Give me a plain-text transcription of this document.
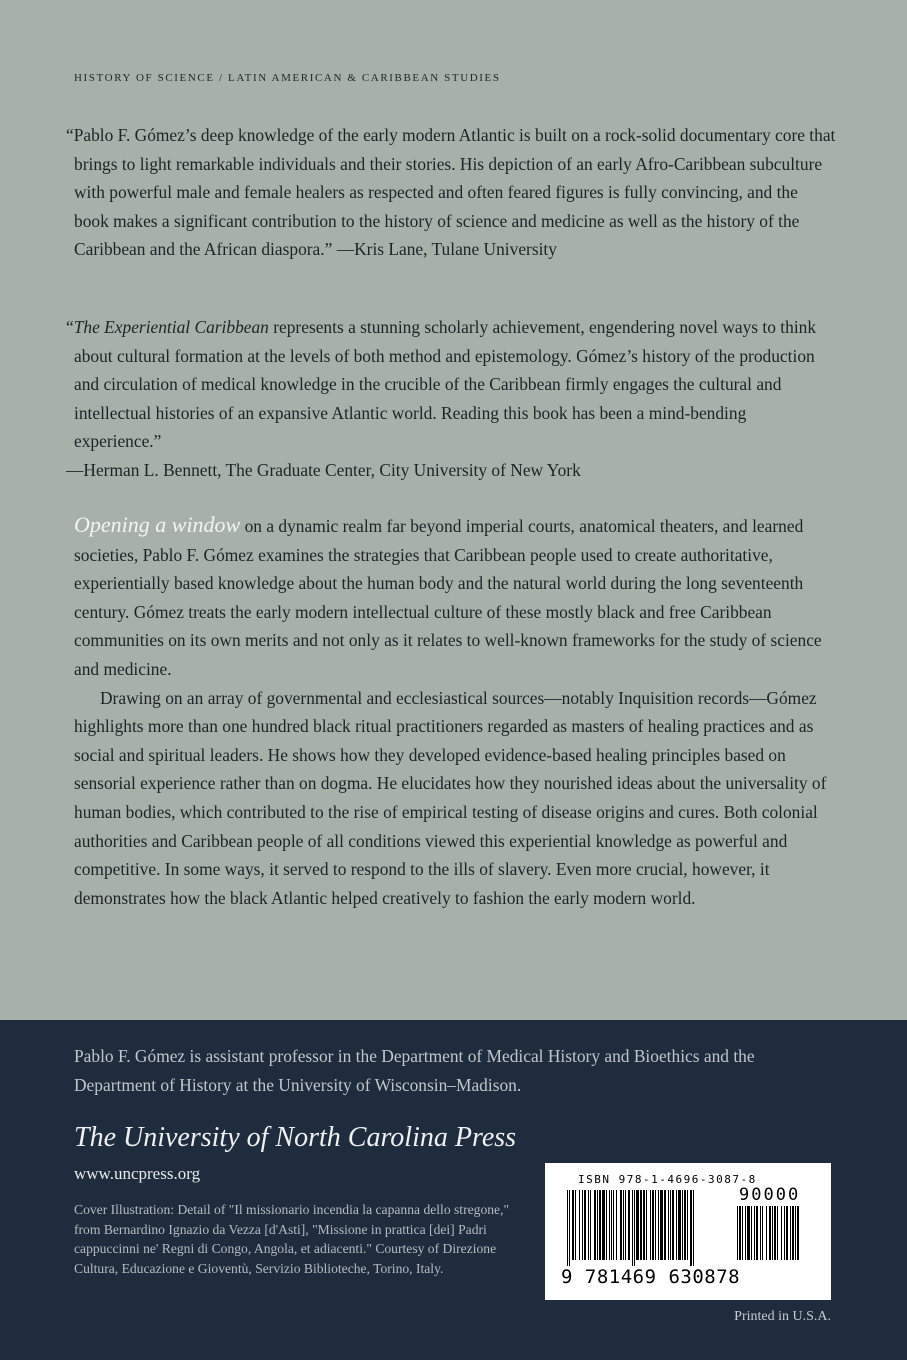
HISTORY OF SCIENCE / LATIN AMERICAN & CARIBBEAN STUDIES

“Pablo F. Gómez’s deep knowledge of the early modern Atlantic is built on a rock-solid documentary core that brings to light remarkable individuals and their stories. His depiction of an early Afro-Caribbean subculture with powerful male and female healers as respected and often feared figures is fully convincing, and the book makes a significant contribution to the history of science and medicine as well as the history of the Caribbean and the African diaspora.” —Kris Lane, Tulane University

“The Experiential Caribbean represents a stunning scholarly achievement, engendering novel ways to think about cultural formation at the levels of both method and epistemology. Gómez’s history of the production and circulation of medical knowledge in the crucible of the Caribbean firmly engages the cultural and intellectual histories of an expansive Atlantic world. Reading this book has been a mind-bending experience.”
—Herman L. Bennett, The Graduate Center, City University of New York

Opening a window on a dynamic realm far beyond imperial courts, anatomical theaters, and learned societies, Pablo F. Gómez examines the strategies that Caribbean people used to create authoritative, experientially based knowledge about the human body and the natural world during the long seventeenth century. Gómez treats the early modern intellectual culture of these mostly black and free Caribbean communities on its own merits and not only as it relates to well-known frameworks for the study of science and medicine.

Drawing on an array of governmental and ecclesiastical sources—notably Inquisition records—Gómez highlights more than one hundred black ritual practitioners regarded as masters of healing practices and as social and spiritual leaders. He shows how they developed evidence-based healing principles based on sensorial experience rather than on dogma. He elucidates how they nourished ideas about the universality of human bodies, which contributed to the rise of empirical testing of disease origins and cures. Both colonial authorities and Caribbean people of all conditions viewed this experiential knowledge as powerful and competitive. In some ways, it served to respond to the ills of slavery. Even more crucial, however, it demonstrates how the black Atlantic helped creatively to fashion the early modern world.

Pablo F. Gómez is assistant professor in the Department of Medical History and Bioethics and the Department of History at the University of Wisconsin–Madison.

The University of North Carolina Press
www.uncpress.org

Cover Illustration: Detail of "Il missionario incendia la capanna dello stregone," from Bernardino Ignazio da Vezza [d'Asti], "Missione in prattica [dei] Padri cappuccinni ne' Regni di Congo, Angola, et adiacenti." Courtesy of Direzione Cultura, Educazione e Gioventù, Servizio Biblioteche, Torino, Italy.

ISBN 978-1-4696-3087-8
90000
9 781469 630878
Printed in U.S.A.
